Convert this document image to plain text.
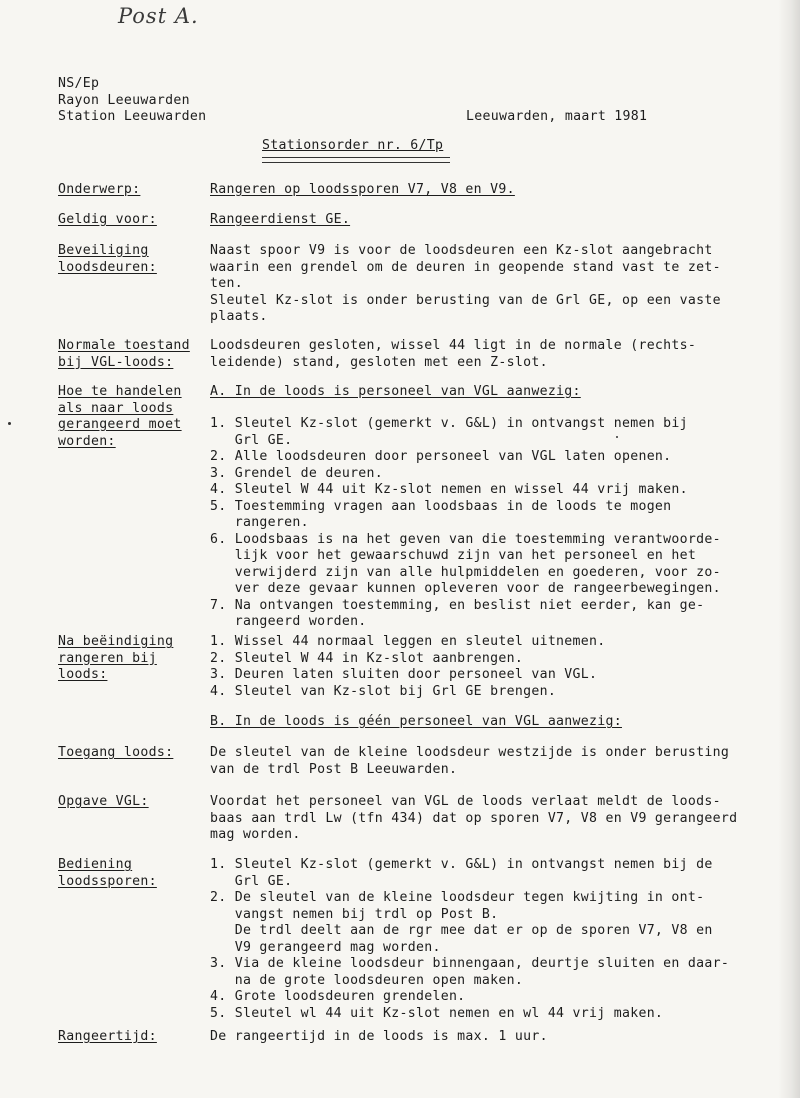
Post A.
NS/Ep
Rayon Leeuwarden
Station Leeuwarden	Leeuwarden, maart 1981
Stationsorder nr. 6/Tp
Onderwerp:	Rangeren op loodssporen V7, V8 en V9.
Geldig voor:	Rangeerdienst GE.
Beveiliging
loodsdeuren:
Naast spoor V9 is voor de loodsdeuren een Kz-slot aangebracht
waarin een grendel om de deuren in geopende stand vast te zet-
ten.
Sleutel Kz-slot is onder berusting van de Grl GE, op een vaste
plaats.
Normale toestand
bij VGL-loods:
Loodsdeuren gesloten, wissel 44 ligt in de normale (rechts-
leidende) stand, gesloten met een Z-slot.
Hoe te handelen
als naar loods
gerangeerd moet
worden:
A. In de loods is personeel van VGL aanwezig:
1. Sleutel Kz-slot (gemerkt v. G&L) in ontvangst nemen bij
Grl GE.
2. Alle loodsdeuren door personeel van VGL laten openen.
3. Grendel de deuren.
4. Sleutel W 44 uit Kz-slot nemen en wissel 44 vrij maken.
5. Toestemming vragen aan loodsbaas in de loods te mogen
rangeren.
6. Loodsbaas is na het geven van die toestemming verantwoorde-
lijk voor het gewaarschuwd zijn van het personeel en het
verwijderd zijn van alle hulpmiddelen en goederen, voor zo-
ver deze gevaar kunnen opleveren voor de rangeerbewegingen.
7. Na ontvangen toestemming, en beslist niet eerder, kan ge-
rangeerd worden.
Na beëindiging
rangeren bij
loods:
1. Wissel 44 normaal leggen en sleutel uitnemen.
2. Sleutel W 44 in Kz-slot aanbrengen.
3. Deuren laten sluiten door personeel van VGL.
4. Sleutel van Kz-slot bij Grl GE brengen.
B. In de loods is géén personeel van VGL aanwezig:
Toegang loods:	De sleutel van de kleine loodsdeur westzijde is onder berusting
van de trdl Post B Leeuwarden.
Opgave VGL:	Voordat het personeel van VGL de loods verlaat meldt de loods-
baas aan trdl Lw (tfn 434) dat op sporen V7, V8 en V9 gerangeerd
mag worden.
Bediening
loodssporen:
1. Sleutel Kz-slot (gemerkt v. G&L) in ontvangst nemen bij de
Grl GE.
2. De sleutel van de kleine loodsdeur tegen kwijting in ont-
vangst nemen bij trdl op Post B.
De trdl deelt aan de rgr mee dat er op de sporen V7, V8 en
V9 gerangeerd mag worden.
3. Via de kleine loodsdeur binnengaan, deurtje sluiten en daar-
na de grote loodsdeuren open maken.
4. Grote loodsdeuren grendelen.
5. Sleutel wl 44 uit Kz-slot nemen en wl 44 vrij maken.
Rangeertijd:	De rangeertijd in de loods is max. 1 uur.
